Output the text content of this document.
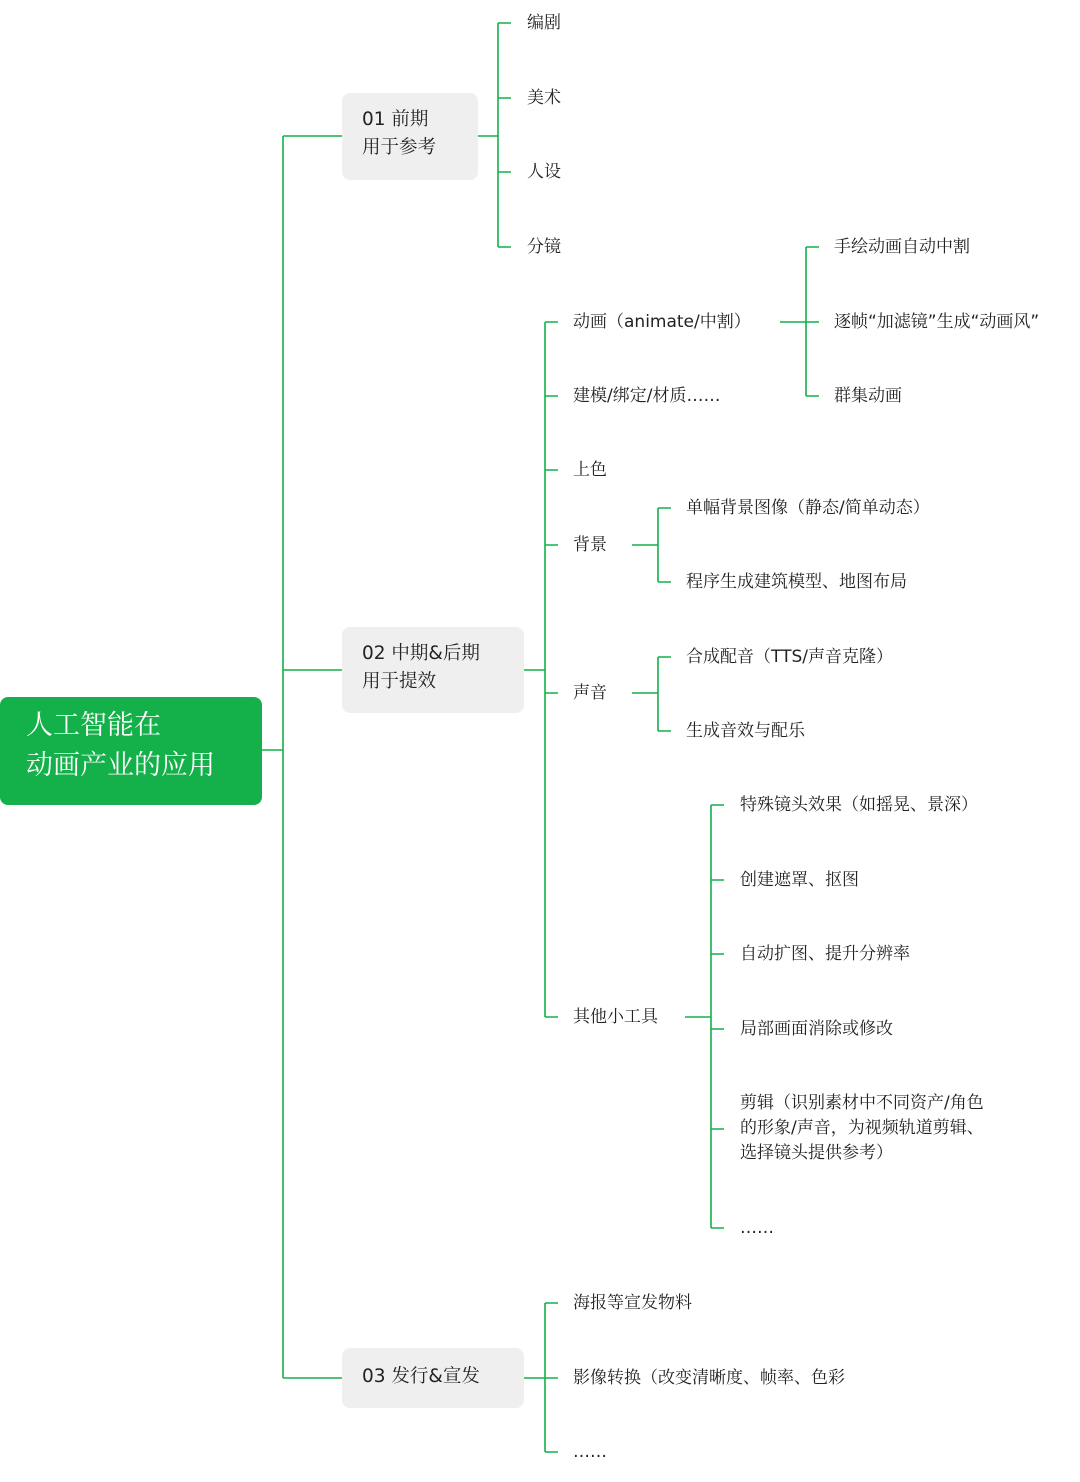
人工智能在
动画产业的应用
01 前期
用于参考
编剧
美术
人设
分镜
02 中期&后期
用于提效
动画（animate/中割）
手绘动画自动中割
逐帧“加滤镜”生成“动画风”
群集动画
建模/绑定/材质……
上色
背景
单幅背景图像（静态/简单动态）
程序生成建筑模型、地图布局
声音
合成配音（TTS/声音克隆）
生成音效与配乐
其他小工具
特殊镜头效果（如摇晃、景深）
创建遮罩、抠图
自动扩图、提升分辨率
局部画面消除或修改
剪辑（识别素材中不同资产/角色
的形象/声音，为视频轨道剪辑、
选择镜头提供参考）
……
03 发行&宣发
海报等宣发物料
影像转换（改变清晰度、帧率、色彩
……
